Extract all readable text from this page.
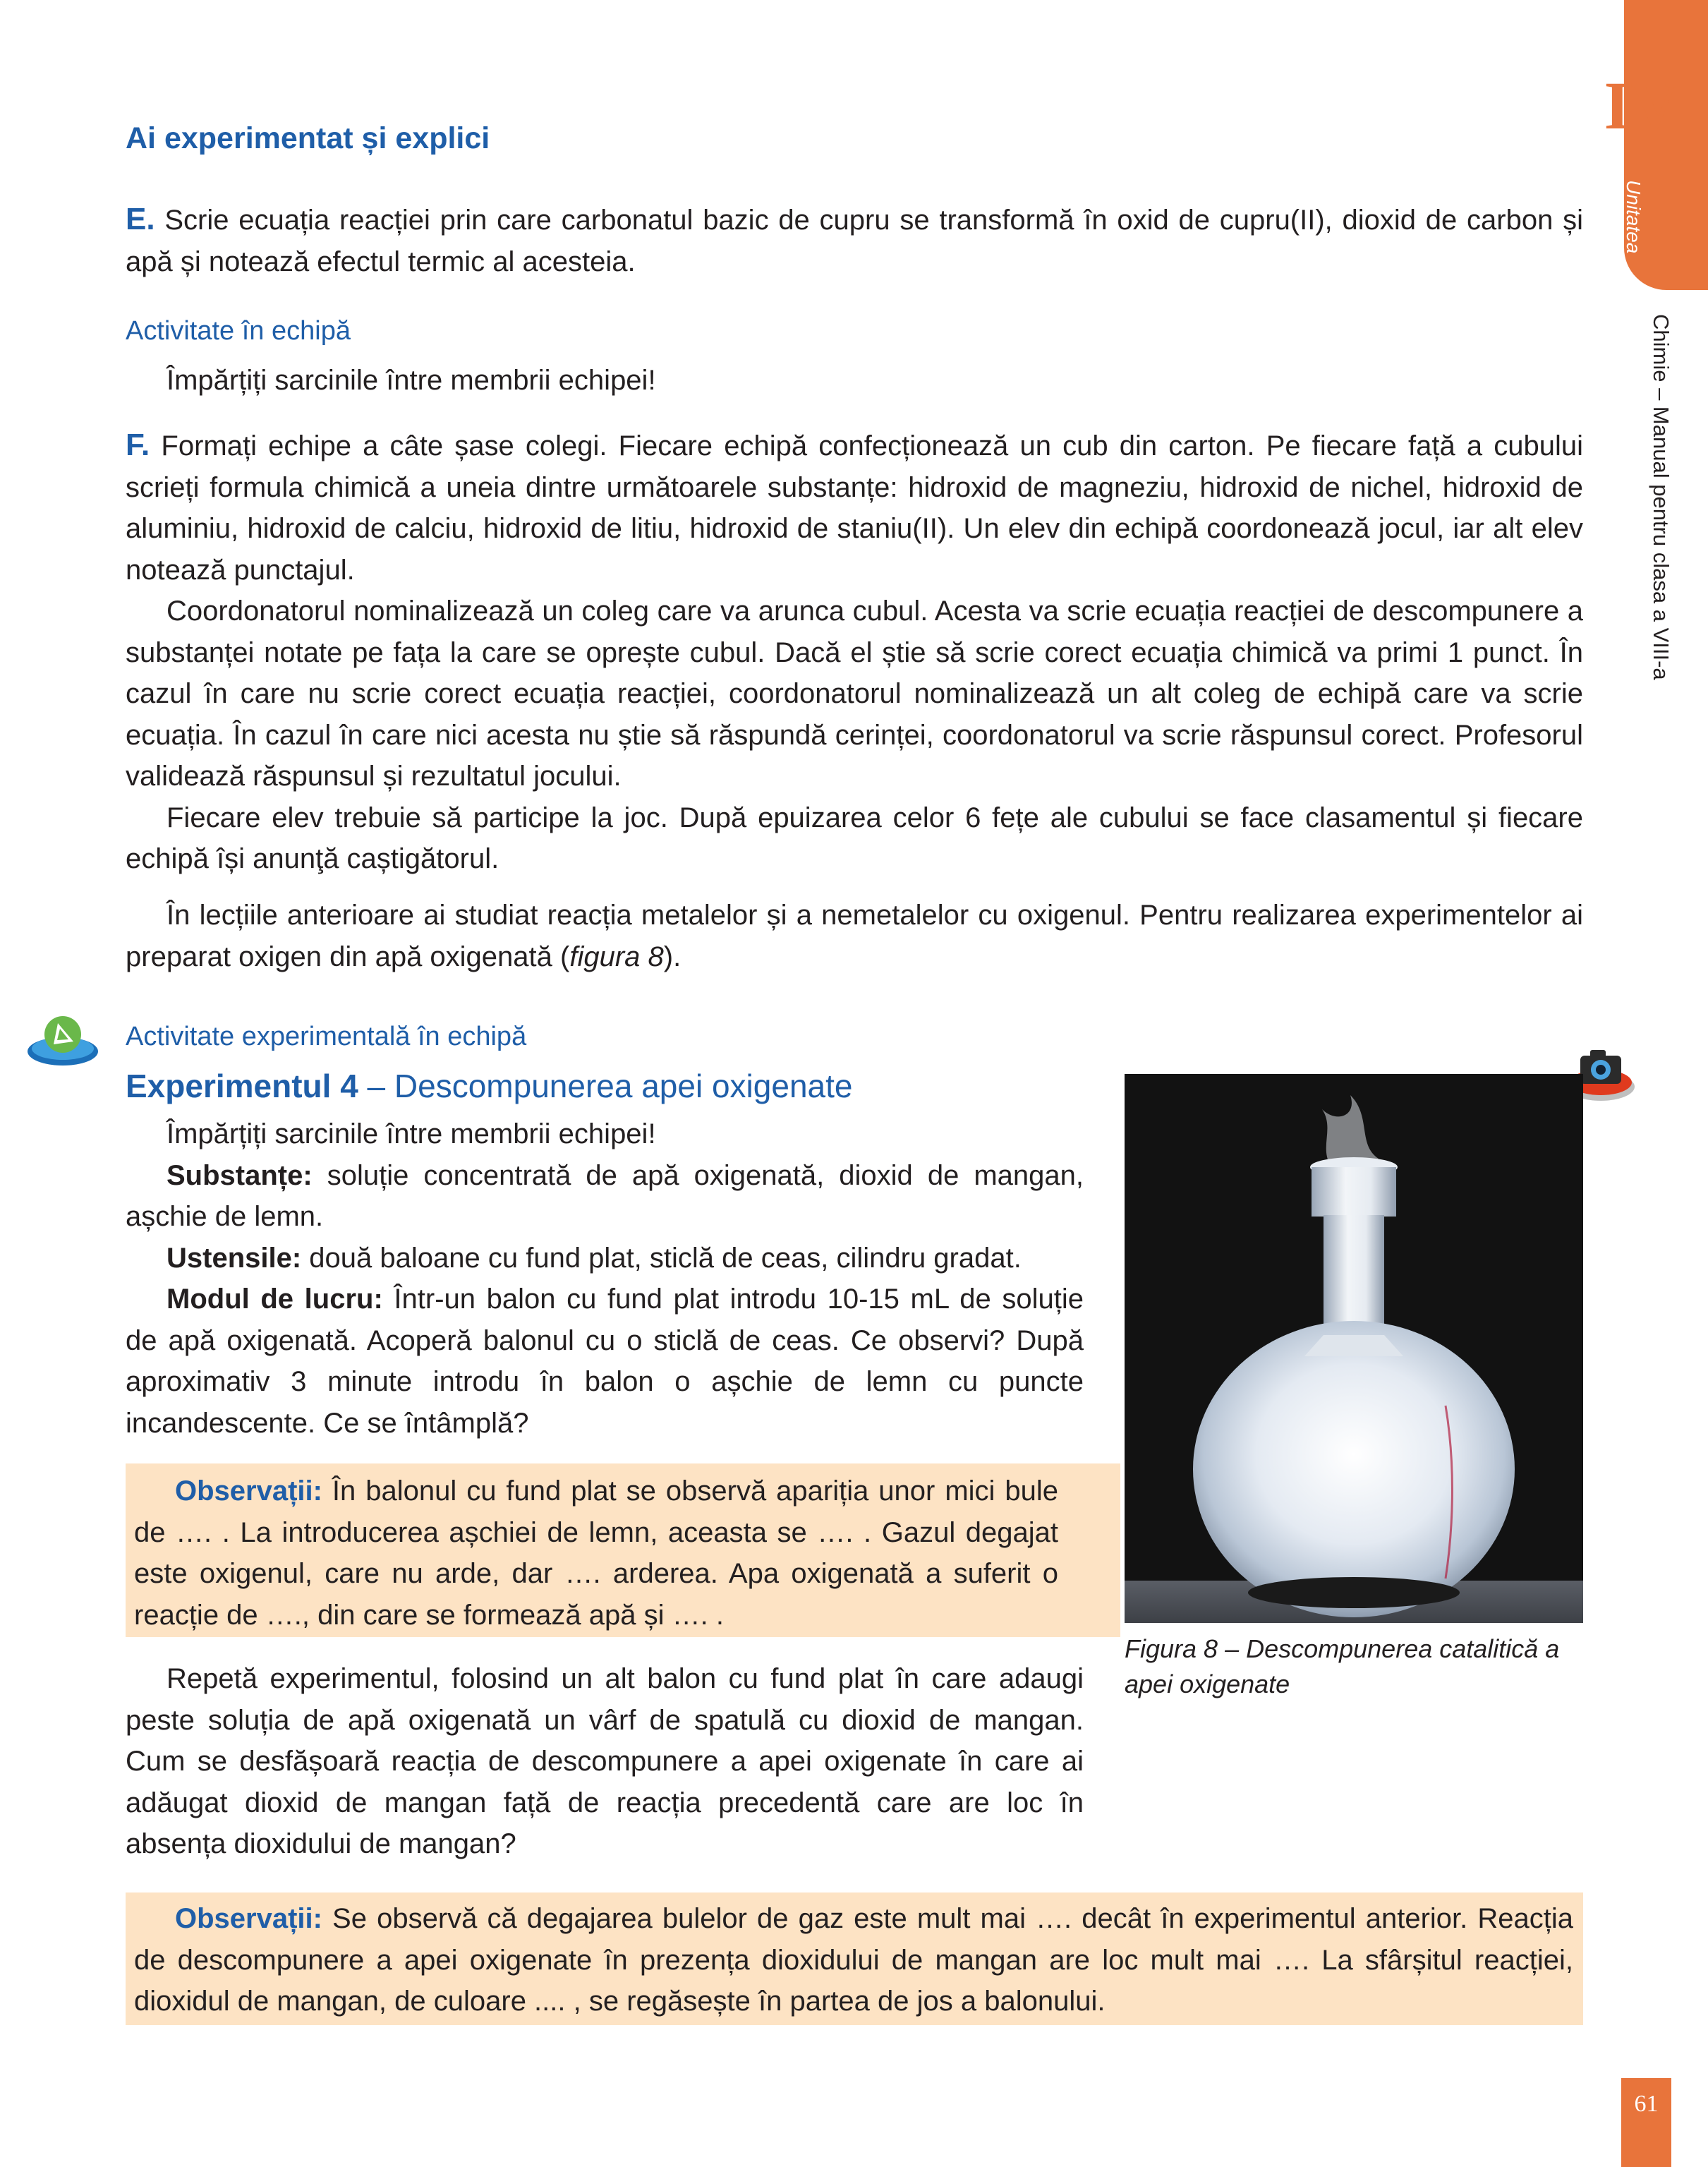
IV
Unitatea
Chimie – Manual pentru clasa a VIII-a
Ai experimentat și explici

E. Scrie ecuația reacției prin care carbonatul bazic de cupru se transformă în oxid de cupru(II), dioxid de carbon și apă și notează efectul termic al acesteia.

Activitate în echipă

Împărțiți sarcinile între membrii echipei!

F. Formați echipe a câte șase colegi. Fiecare echipă confecționează un cub din carton. Pe fiecare față a cubului scrieți formula chimică a uneia dintre următoarele substanțe: hidroxid de magneziu, hidroxid de nichel, hidroxid de aluminiu, hidroxid de calciu, hidroxid de litiu, hidroxid de staniu(II). Un elev din echipă coordonează jocul, iar alt elev notează punctajul.

Coordonatorul nominalizează un coleg care va arunca cubul. Acesta va scrie ecuația reacției de descompunere a substanței notate pe fața la care se oprește cubul. Dacă el știe să scrie corect ecuația chimică va primi 1 punct. În cazul în care nu scrie corect ecuația reacției, coordonatorul nominalizează un alt coleg de echipă care va scrie ecuația. În cazul în care nici acesta nu știe să răspundă cerinței, coordonatorul va scrie răspunsul corect. Profesorul validează răspunsul și rezultatul jocului.

Fiecare elev trebuie să participe la joc. După epuizarea celor 6 fețe ale cubului se face clasamentul și fiecare echipă își anunţă caștigătorul.

În lecțiile anterioare ai studiat reacția metalelor și a nemetalelor cu oxigenul. Pentru realizarea experimentelor ai preparat oxigen din apă oxigenată (figura 8).

Activitate experimentală în echipă
Experimentul 4 – Descompunerea apei oxigenate

Împărțiți sarcinile între membrii echipei!

Substanțe: soluție concentrată de apă oxigenată, dioxid de mangan, așchie de lemn.

Ustensile: două baloane cu fund plat, sticlă de ceas, cilindru gradat.

Modul de lucru: Într-un balon cu fund plat introdu 10-15 mL de soluție de apă oxigenată. Acoperă balonul cu o sticlă de ceas. Ce observi? După aproximativ 3 minute introdu în balon o așchie de lemn cu puncte incandescente. Ce se întâmplă?

Observații: În balonul cu fund plat se observă apariția unor mici bule de …. . La introducerea așchiei de lemn, aceasta se …. . Gazul degajat este oxigenul, care nu arde, dar …. arderea. Apa oxigenată a suferit o reacție de …., din care se formează apă și …. .

Repetă experimentul, folosind un alt balon cu fund plat în care adaugi peste soluția de apă oxigenată un vârf de spatulă cu dioxid de mangan. Cum se desfășoară reacția de descompunere a apei oxigenate în care ai adăugat dioxid de mangan față de reacția precedentă care are loc în absența dioxidului de mangan?

Figura 8 – Descompunerea catalitică a apei oxigenate

Observații: Se observă că degajarea bulelor de gaz este mult mai …. decât în experimentul anterior. Reacția de descompunere a apei oxigenate în prezența dioxidului de mangan are loc mult mai …. La sfârșitul reacției, dioxidul de mangan, de culoare .... , se regăsește în partea de jos a balonului.

61
